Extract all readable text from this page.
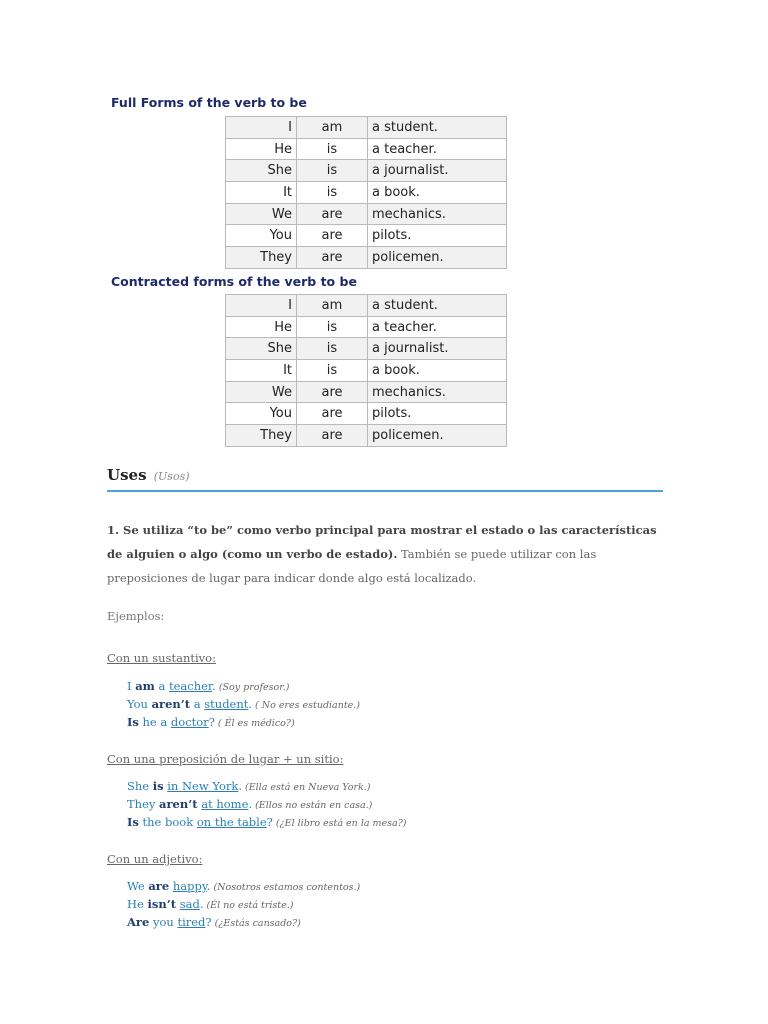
Full Forms of the verb to be
I	am	a student.
He	is	a teacher.
She	is	a journalist.
It	is	a book.
We	are	mechanics.
You	are	pilots.
They	are	policemen.
Contracted forms of the verb to be
I	am	a student.
He	is	a teacher.
She	is	a journalist.
It	is	a book.
We	are	mechanics.
You	are	pilots.
They	are	policemen.
Uses (Usos)

1. Se utiliza “to be” como verbo principal para mostrar el estado o las características de alguien o algo (como un verbo de estado). También se puede utilizar con las preposiciones de lugar para indicar donde algo está localizado.

Ejemplos:

Con un sustantivo:

I am a teacher. (Soy profesor.)
You aren’t a student. ( No eres estudiante.)
Is he a doctor? ( Él es médico?)

Con una preposición de lugar + un sitio:

She is in New York. (Ella está en Nueva York.)
They aren’t at home. (Ellos no están en casa.)
Is the book on the table? (¿El libro está en la mesa?)

Con un adjetivo:

We are happy. (Nosotros estamos contentos.)
He isn’t sad. (Él no está triste.)
Are you tired? (¿Estás cansado?)
